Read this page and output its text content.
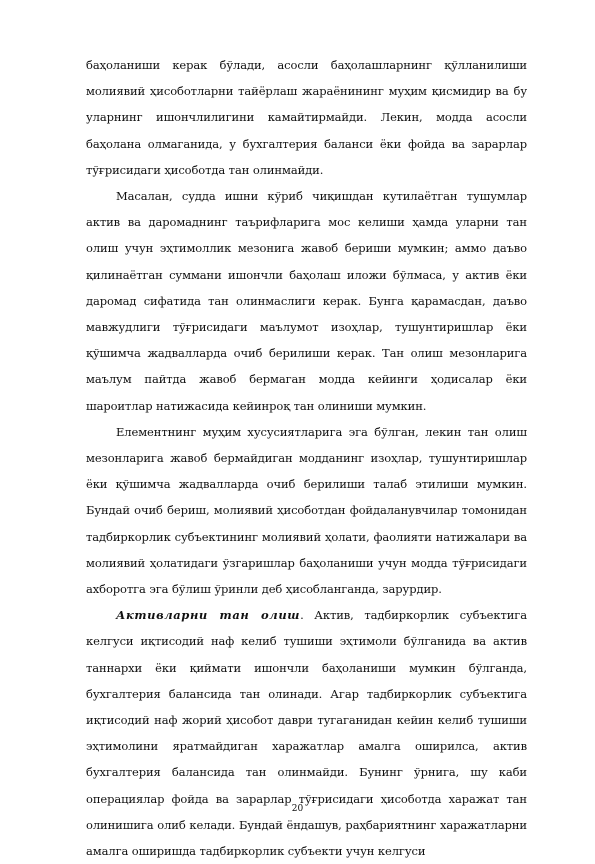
баҳоланиши керак бўлади, асосли баҳолашларнинг қўлланилиши молиявий ҳисоботларни тайёрлаш жараёнининг муҳим қисмидир ва бу уларнинг ишончлилигини камайтирмайди. Лекин, модда асосли баҳолана олмаганида, у бухгалтерия баланси ёки фойда ва зарарлар тўғрисидаги ҳисоботда тан олинмайди.

Масалан, судда ишни кўриб чиқишдан кутилаётган тушумлар актив ва даромаднинг таърифларига мос келиши ҳамда уларни тан олиш учун эҳтимоллик мезонига жавоб бериши мумкин; аммо даъво қилинаётган суммани ишончли баҳолаш иложи бўлмаса, у актив ёки даромад сифатида тан олинмаслиги керак. Бунга қарамасдан, даъво мавжудлиги тўғрисидаги маълумот изоҳлар, тушунтиришлар ёки қўшимча жадвалларда очиб берилиши керак. Тан олиш мезонларига маълум пайтда жавоб бермаган модда кейинги ҳодисалар ёки шароитлар натижасида кейинроқ тан олиниши мумкин.

Елементнинг муҳим хусусиятларига эга бўлган, лекин тан олиш мезонларига жавоб бермайдиган модданинг изоҳлар, тушунтиришлар ёки қўшимча жадвалларда очиб берилиши талаб этилиши мумкин. Бундай очиб бериш, молиявий ҳисоботдан фойдаланувчилар томонидан тадбиркорлик субъектининг молиявий ҳолати, фаолияти натижалари ва молиявий ҳолатидаги ўзгаришлар баҳоланиши учун модда тўғрисидаги ахборотга эга бўлиш ўринли деб ҳисобланганда, зарурдир.

Активларни тан олиш. Актив, тадбиркорлик субъектига келгуси иқтисодий наф келиб тушиши эҳтимоли бўлганида ва актив таннархи ёки қиймати ишончли баҳоланиши мумкин бўлганда, бухгалтерия балансида тан олинади. Агар тадбиркорлик субъектига иқтисодий наф жорий ҳисобот даври тугаганидан кейин келиб тушиши эҳтимолини яратмайдиган харажатлар амалга оширилса, актив бухгалтерия балансида тан олинмайди. Бунинг ўрнига, шу каби операциялар фойда ва зарарлар тўғрисидаги ҳисоботда харажат тан олинишига олиб келади. Бундай ёндашув, раҳбариятнинг харажатларни амалга оширишда тадбиркорлик субъекти учун келгуси

20
